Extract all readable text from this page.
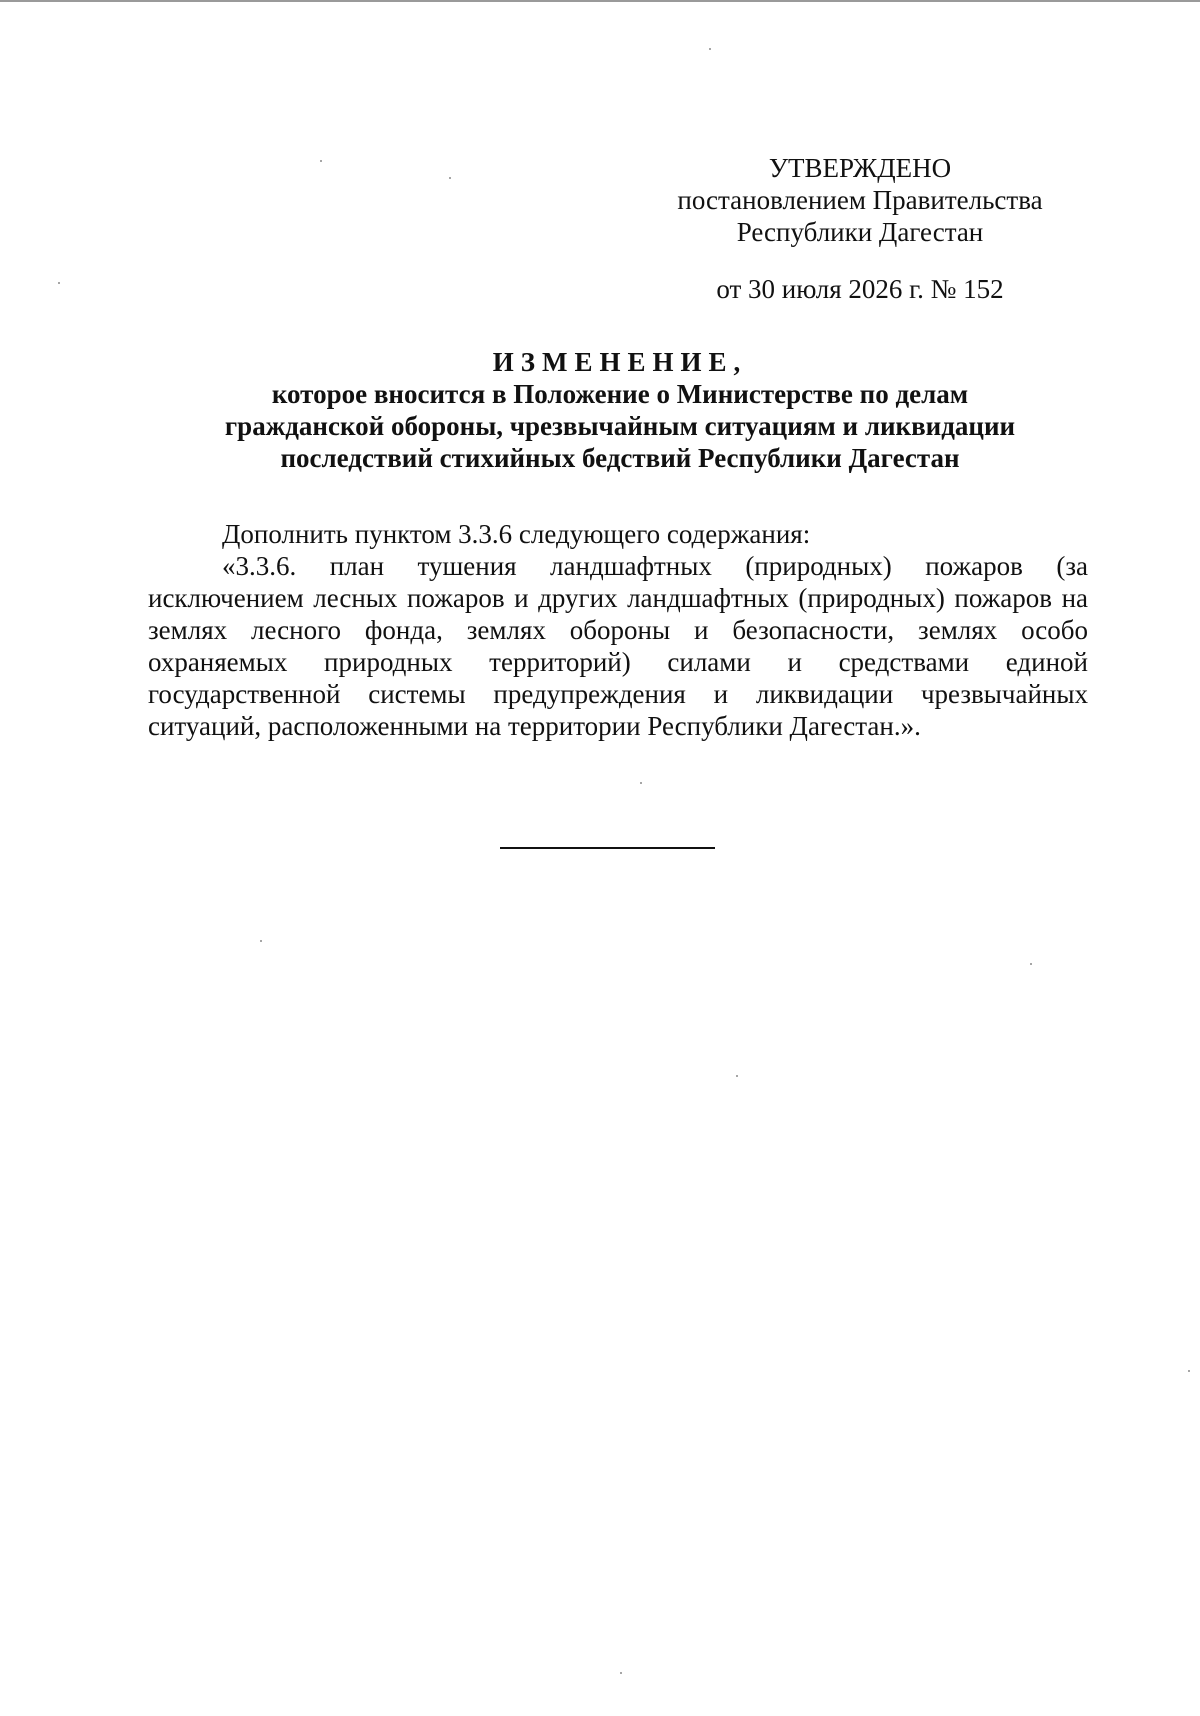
УТВЕРЖДЕНО
постановлением Правительства
Республики Дагестан
от 30 июля 2026 г. № 152
ИЗМЕНЕНИЕ,
которое вносится в Положение о Министерстве по делам
гражданской обороны, чрезвычайным ситуациям и ликвидации
последствий стихийных бедствий Республики Дагестан

Дополнить пунктом 3.3.6 следующего содержания:

«3.3.6. план тушения ландшафтных (природных) пожаров (за исключением лесных пожаров и других ландшафтных (природных) пожаров на землях лесного фонда, землях обороны и безопасности, землях особо охраняемых природных территорий) силами и средствами единой государственной системы предупреждения и ликвидации чрезвычайных ситуаций, расположенными на территории Республики Дагестан.».
